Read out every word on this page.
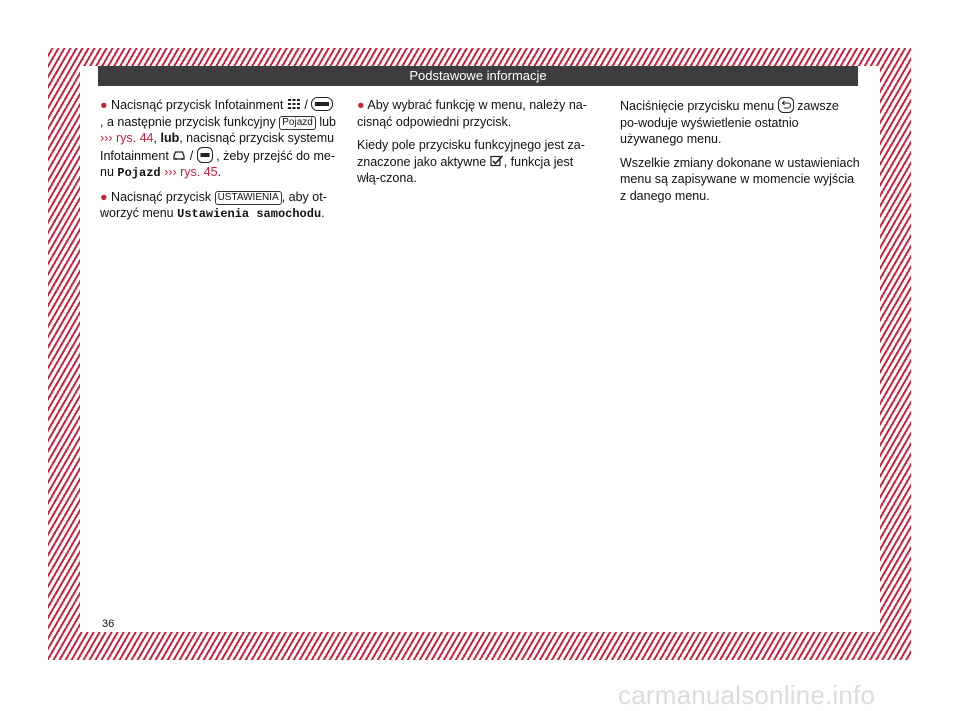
Podstawowe informacje

● Nacisnąć przycisk Infotainment /
, a następnie przycisk funkcyjny Pojazd lub ››› rys. 44, lub, nacisnąć przycisk systemu Infotainment / , żeby przejść do me-nu Pojazd ››› rys. 45.

● Nacisnąć przycisk USTAWIENIA , aby ot-worzyć menu Ustawienia samochodu.

● Aby wybrać funkcję w menu, należy na-cisnąć odpowiedni przycisk.

Kiedy pole przycisku funkcyjnego jest za-znaczone jako aktywne , funkcja jest włą-czona.

Naciśnięcie przycisku menu zawsze po-woduje wyświetlenie ostatnio używanego menu.

Wszelkie zmiany dokonane w ustawieniach menu są zapisywane w momencie wyjścia z danego menu.

36
carmanualsonline.info
